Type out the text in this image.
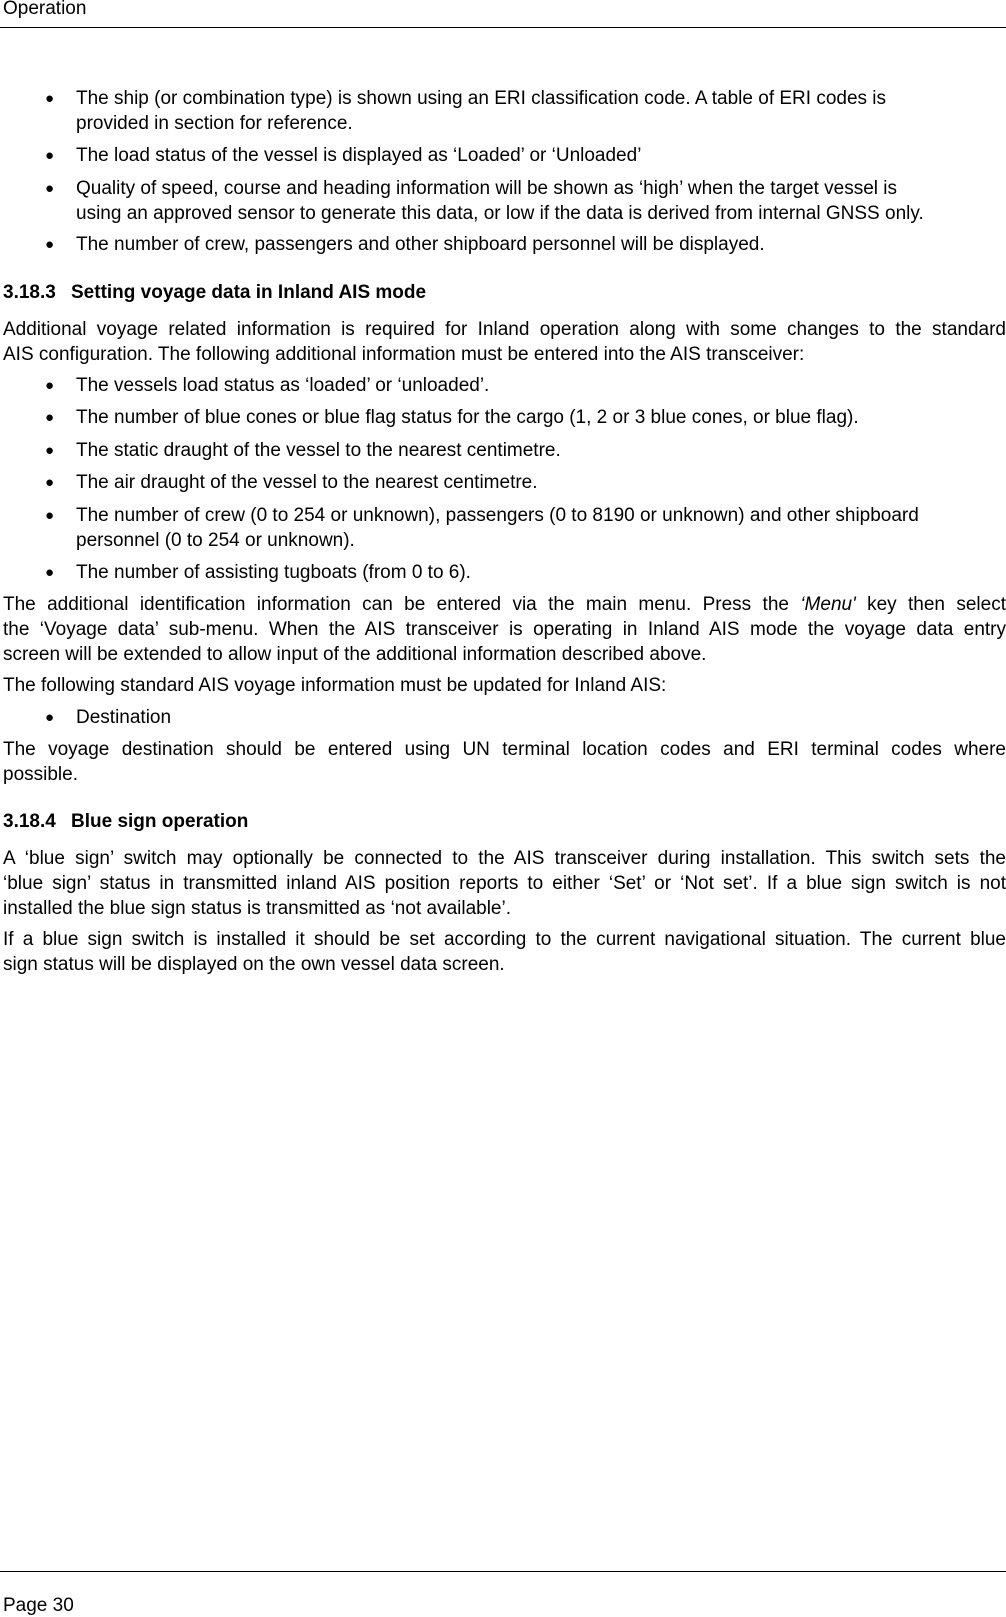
Operation
●	The ship (or combination type) is shown using an ERI classification code. A table of ERI codes is
provided in section for reference.
●	The load status of the vessel is displayed as ‘Loaded’ or ‘Unloaded’
●	Quality of speed, course and heading information will be shown as ‘high’ when the target vessel is
using an approved sensor to generate this data, or low if the data is derived from internal GNSS only.
●	The number of crew, passengers and other shipboard personnel will be displayed.
3.18.3 Setting voyage data in Inland AIS mode
Additional voyage related information is required for Inland operation along with some changes to the standard
AIS configuration. The following additional information must be entered into the AIS transceiver:
●	The vessels load status as ‘loaded’ or ‘unloaded’.
●	The number of blue cones or blue flag status for the cargo (1, 2 or 3 blue cones, or blue flag).
●	The static draught of the vessel to the nearest centimetre.
●	The air draught of the vessel to the nearest centimetre.
●	The number of crew (0 to 254 or unknown), passengers (0 to 8190 or unknown) and other shipboard
personnel (0 to 254 or unknown).
●	The number of assisting tugboats (from 0 to 6).
The additional identification information can be entered via the main menu. Press the ‘Menu' key then select
the ‘Voyage data’ sub-menu. When the AIS transceiver is operating in Inland AIS mode the voyage data entry
screen will be extended to allow input of the additional information described above.
The following standard AIS voyage information must be updated for Inland AIS:
●	Destination
The voyage destination should be entered using UN terminal location codes and ERI terminal codes where
possible.
3.18.4 Blue sign operation
A ‘blue sign’ switch may optionally be connected to the AIS transceiver during installation. This switch sets the
‘blue sign’ status in transmitted inland AIS position reports to either ‘Set’ or ‘Not set’. If a blue sign switch is not
installed the blue sign status is transmitted as ‘not available’.
If a blue sign switch is installed it should be set according to the current navigational situation. The current blue
sign status will be displayed on the own vessel data screen.
Page 30
